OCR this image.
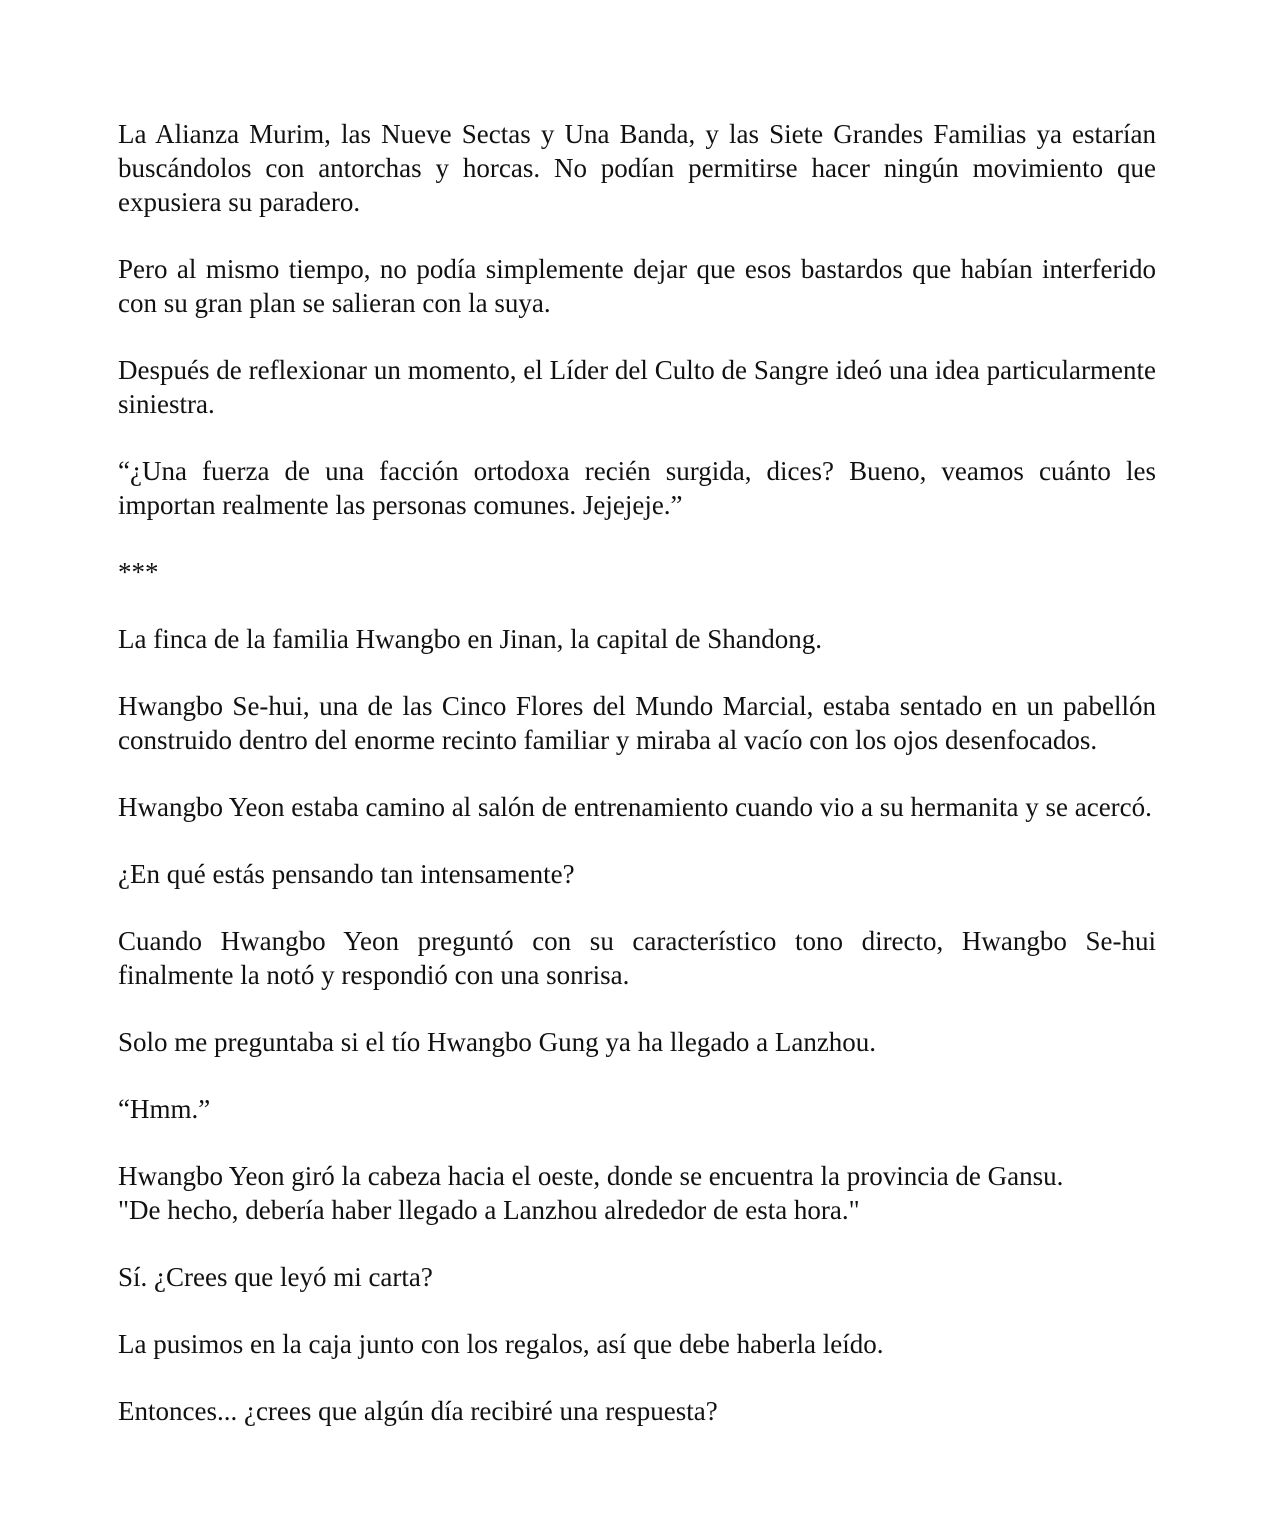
La Alianza Murim, las Nueve Sectas y Una Banda, y las Siete Grandes Familias ya estarían buscándolos con antorchas y horcas. No podían permitirse hacer ningún movimiento que expusiera su paradero.

Pero al mismo tiempo, no podía simplemente dejar que esos bastardos que habían interferido con su gran plan se salieran con la suya.

Después de reflexionar un momento, el Líder del Culto de Sangre ideó una idea particularmente siniestra.

“¿Una fuerza de una facción ortodoxa recién surgida, dices? Bueno, veamos cuánto les importan realmente las personas comunes. Jejejeje.”

***

La finca de la familia Hwangbo en Jinan, la capital de Shandong.

Hwangbo Se-hui, una de las Cinco Flores del Mundo Marcial, estaba sentado en un pabellón construido dentro del enorme recinto familiar y miraba al vacío con los ojos desenfocados.

Hwangbo Yeon estaba camino al salón de entrenamiento cuando vio a su hermanita y se acercó.

¿En qué estás pensando tan intensamente?

Cuando Hwangbo Yeon preguntó con su característico tono directo, Hwangbo Se-hui finalmente la notó y respondió con una sonrisa.

Solo me preguntaba si el tío Hwangbo Gung ya ha llegado a Lanzhou.

“Hmm.”

Hwangbo Yeon giró la cabeza hacia el oeste, donde se encuentra la provincia de Gansu.
"De hecho, debería haber llegado a Lanzhou alrededor de esta hora."

Sí. ¿Crees que leyó mi carta?

La pusimos en la caja junto con los regalos, así que debe haberla leído.

Entonces... ¿crees que algún día recibiré una respuesta?
